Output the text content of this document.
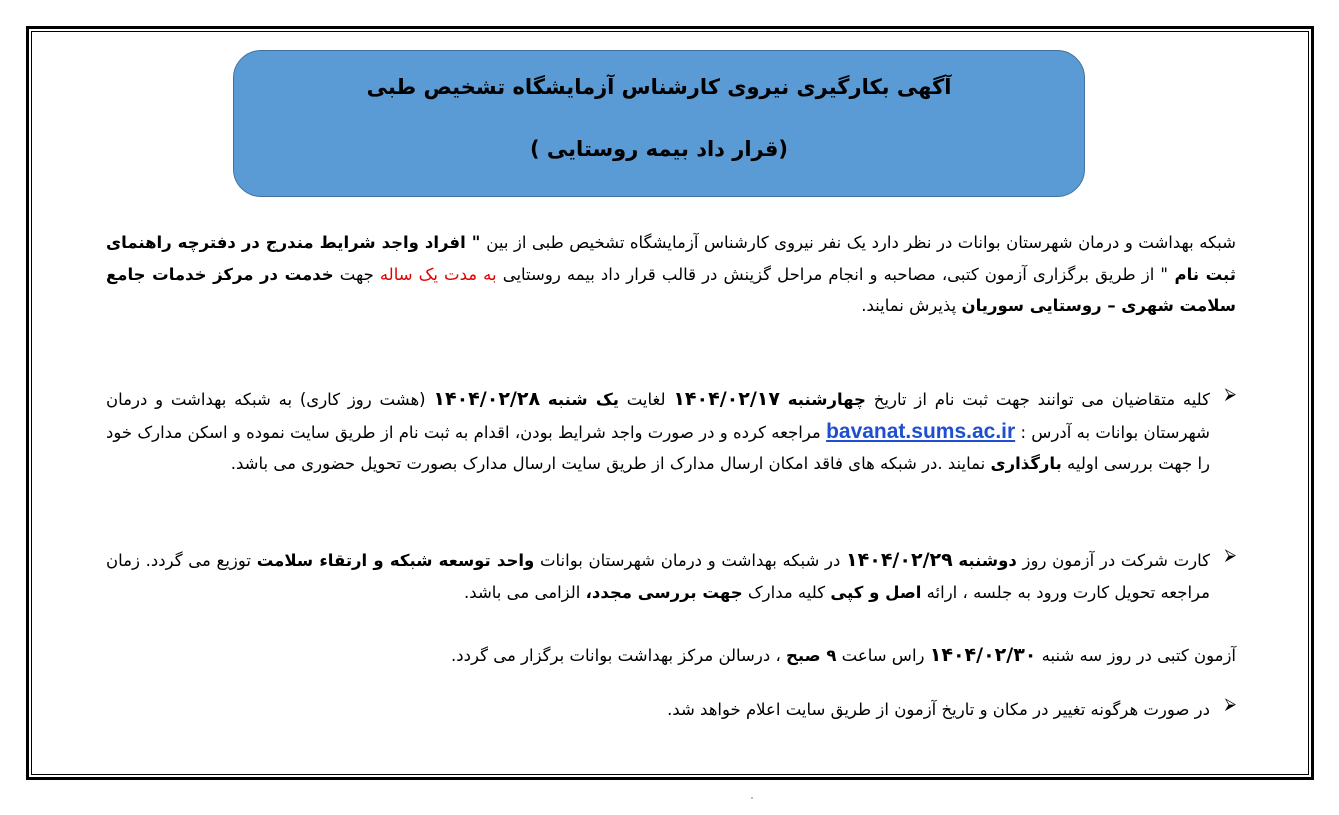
آگهی بکارگیری نیروی کارشناس آزمایشگاه تشخیص طبی
(قرار داد بیمه روستایی )

شبکه بهداشت و درمان شهرستان بوانات در نظر دارد یک نفر نیروی کارشناس آزمایشگاه تشخیص طبی از بین " افراد واجد شرایط مندرج در دفترچه راهنمای ثبت نام " از طریق برگزاری آزمون کتبی، مصاحبه و انجام مراحل گزینش در قالب قرار داد بیمه روستایی به مدت یک ساله جهت خدمت در مرکز خدمات جامع سلامت شهری – روستایی سوریان پذیرش نمایند.

⮚
کلیه متقاضیان می توانند جهت ثبت نام از تاریخ چهارشنبه ۱۴۰۴/۰۲/۱۷ لغایت یک شنبه ۱۴۰۴/۰۲/۲۸ (هشت روز کاری) به شبکه بهداشت و درمان شهرستان بوانات به آدرس : bavanat.sums.ac.ir مراجعه کرده و در صورت واجد شرایط بودن، اقدام به ثبت نام از طریق سایت نموده و اسکن مدارک خود را جهت بررسی اولیه بارگذاری نمایند .در شبکه های فاقد امکان ارسال مدارک از طریق سایت ارسال مدارک بصورت تحویل حضوری می باشد.
⮚
کارت شرکت در آزمون روز دوشنبه ۱۴۰۴/۰۲/۲۹ در شبکه بهداشت و درمان شهرستان بوانات واحد توسعه شبکه و ارتقاء سلامت توزیع می گردد. زمان مراجعه تحویل کارت ورود به جلسه ، ارائه اصل و کپی کلیه مدارک جهت بررسی مجدد، الزامی می باشد.

آزمون کتبی در روز سه شنبه ۱۴۰۴/۰۲/۳۰ راس ساعت ۹ صبح ، درسالن مرکز بهداشت بوانات برگزار می گردد.

⮚
در صورت هرگونه تغییر در مکان و تاریخ آزمون از طریق سایت اعلام خواهد شد.
